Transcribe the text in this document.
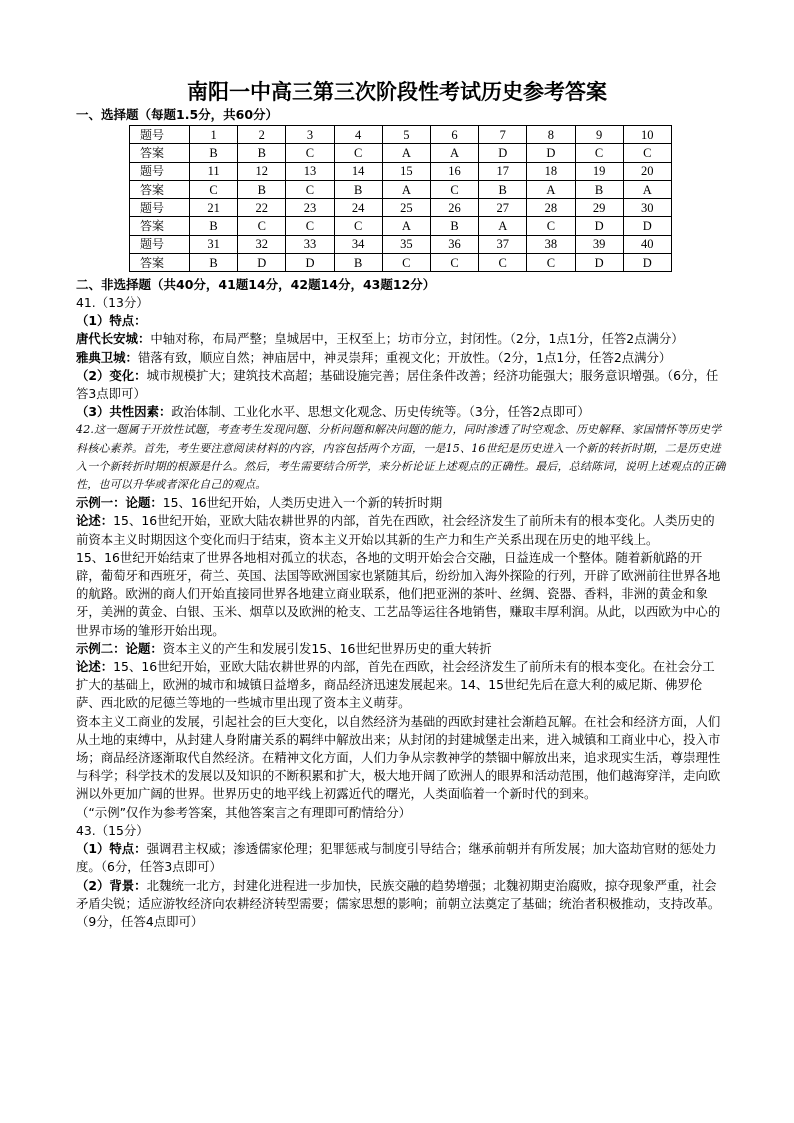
南阳一中高三第三次阶段性考试历史参考答案
一、选择题（每题1.5分，共60分）
题号	1	2	3	4	5	6	7	8	9	10
答案	B	B	C	C	A	A	D	D	C	C
题号	11	12	13	14	15	16	17	18	19	20
答案	C	B	C	B	A	C	B	A	B	A
题号	21	22	23	24	25	26	27	28	29	30
答案	B	C	C	C	A	B	A	C	D	D
题号	31	32	33	34	35	36	37	38	39	40
答案	B	D	D	B	C	C	C	C	D	D
二、非选择题（共40分，41题14分，42题14分，43题12分）

41.（13分）

（1）特点：

唐代长安城：中轴对称，布局严整；皇城居中，王权至上；坊市分立，封闭性。（2分，1点1分，任答2点满分）

雅典卫城：错落有致，顺应自然；神庙居中，神灵崇拜；重视文化；开放性。（2分，1点1分，任答2点满分）

（2）变化：城市规模扩大；建筑技术高超；基础设施完善；居住条件改善；经济功能强大；服务意识增强。（6分，任答3点即可）

（3）共性因素：政治体制、工业化水平、思想文化观念、历史传统等。（3分，任答2点即可）

42.这一题属于开放性试题，考查考生发现问题、分析问题和解决问题的能力，同时渗透了时空观念、历史解释、家国情怀等历史学科核心素养。首先，考生要注意阅读材料的内容，内容包括两个方面，一是15、16世纪是历史进入一个新的转折时期，二是历史进入一个新转折时期的根源是什么。然后，考生需要结合所学，来分析论证上述观点的正确性。最后，总结陈词，说明上述观点的正确性，也可以升华或者深化自己的观点。

示例一：论题：15、16世纪开始，人类历史进入一个新的转折时期

论述：15、16世纪开始，亚欧大陆农耕世界的内部，首先在西欧，社会经济发生了前所未有的根本变化。人类历史的前资本主义时期因这个变化而归于结束，资本主义开始以其新的生产力和生产关系出现在历史的地平线上。

15、16世纪开始结束了世界各地相对孤立的状态，各地的文明开始会合交融，日益连成一个整体。随着新航路的开辟，葡萄牙和西班牙，荷兰、英国、法国等欧洲国家也紧随其后，纷纷加入海外探险的行列，开辟了欧洲前往世界各地的航路。欧洲的商人们开始直接同世界各地建立商业联系，他们把亚洲的茶叶、丝绸、瓷器、香料，非洲的黄金和象牙，美洲的黄金、白银、玉米、烟草以及欧洲的枪支、工艺品等运往各地销售，赚取丰厚利润。从此，以西欧为中心的世界市场的雏形开始出现。

示例二：论题：资本主义的产生和发展引发15、16世纪世界历史的重大转折

论述：15、16世纪开始，亚欧大陆农耕世界的内部，首先在西欧，社会经济发生了前所未有的根本变化。在社会分工扩大的基础上，欧洲的城市和城镇日益增多，商品经济迅速发展起来。14、15世纪先后在意大利的威尼斯、佛罗伦萨、西北欧的尼德兰等地的一些城市里出现了资本主义萌芽。

资本主义工商业的发展，引起社会的巨大变化，以自然经济为基础的西欧封建社会渐趋瓦解。在社会和经济方面，人们从土地的束缚中，从封建人身附庸关系的羁绊中解放出来；从封闭的封建城堡走出来，进入城镇和工商业中心，投入市场；商品经济逐渐取代自然经济。在精神文化方面，人们力争从宗教神学的禁锢中解放出来，追求现实生活，尊崇理性与科学；科学技术的发展以及知识的不断积累和扩大，极大地开阔了欧洲人的眼界和活动范围，他们越海穿洋，走向欧洲以外更加广阔的世界。世界历史的地平线上初露近代的曙光，人类面临着一个新时代的到来。

（“示例”仅作为参考答案，其他答案言之有理即可酌情给分）

43.（15分）

（1）特点：强调君主权威；渗透儒家伦理；犯罪惩戒与制度引导结合；继承前朝并有所发展；加大盗劫官财的惩处力度。（6分，任答3点即可）

（2）背景：北魏统一北方，封建化进程进一步加快，民族交融的趋势增强；北魏初期吏治腐败，掠夺现象严重，社会矛盾尖锐；适应游牧经济向农耕经济转型需要；儒家思想的影响；前朝立法奠定了基础；统治者积极推动，支持改革。（9分，任答4点即可）
